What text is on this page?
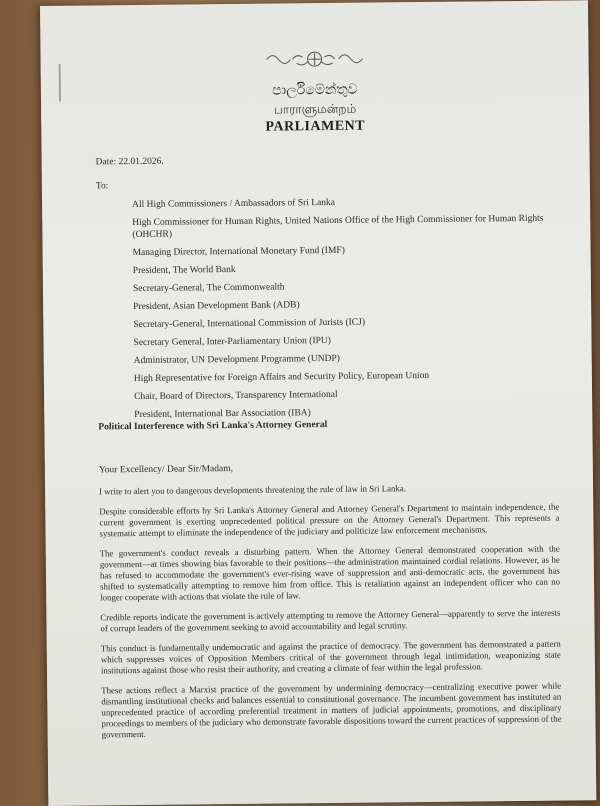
පාර්ලිමේන්තුව
பாராளுமன்றம்
PARLIAMENT
Date: 22.01.2026.
To:
All High Commissioners / Ambassadors of Sri Lanka
High Commissioner for Human Rights, United Nations Office of the High Commissioner for Human Rights (OHCHR)
Managing Director, International Monetary Fund (IMF)
President, The World Bank
Secretary-General, The Commonwealth
President, Asian Development Bank (ADB)
Secretary-General, International Commission of Jurists (ICJ)
Secretary General, Inter-Parliamentary Union (IPU)
Administrator, UN Development Programme (UNDP)
High Representative for Foreign Affairs and Security Policy, European Union
Chair, Board of Directors, Transparency International
President, International Bar Association (IBA)
Political Interference with Sri Lanka's Attorney General
Your Excellency/ Dear Sir/Madam,

I write to alert you to dangerous developments threatening the rule of law in Sri Lanka.

Despite considerable efforts by Sri Lanka's Attorney General and Attorney General's Department to maintain independence, the current government is exerting unprecedented political pressure on the Attorney General's Department. This represents a systematic attempt to eliminate the independence of the judiciary and politicize law enforcement mechanisms.

The government's conduct reveals a disturbing pattern. When the Attorney General demonstrated cooperation with the government—at times showing bias favorable to their positions—the administration maintained cordial relations. However, as he has refused to accommodate the government's ever-rising wave of suppression and anti-democratic acts, the government has shifted to systematically attempting to remove him from office. This is retaliation against an independent officer who can no longer cooperate with actions that violate the rule of law.

Credible reports indicate the government is actively attempting to remove the Attorney General—apparently to serve the interests of corrupt leaders of the government seeking to avoid accountability and legal scrutiny.

This conduct is fundamentally undemocratic and against the practice of democracy. The government has demonstrated a pattern which suppresses voices of Opposition Members critical of the government through legal intimidation, weaponizing state institutions against those who resist their authority, and creating a climate of fear within the legal profession.

These actions reflect a Marxist practice of the government by undermining democracy—centralizing executive power while dismantling institutional checks and balances essential to constitutional governance. The incumbent government has instituted an unprecedented practice of according preferential treatment in matters of judicial appointments, promotions, and disciplinary proceedings to members of the judiciary who demonstrate favorable dispositions toward the current practices of suppression of the government.
